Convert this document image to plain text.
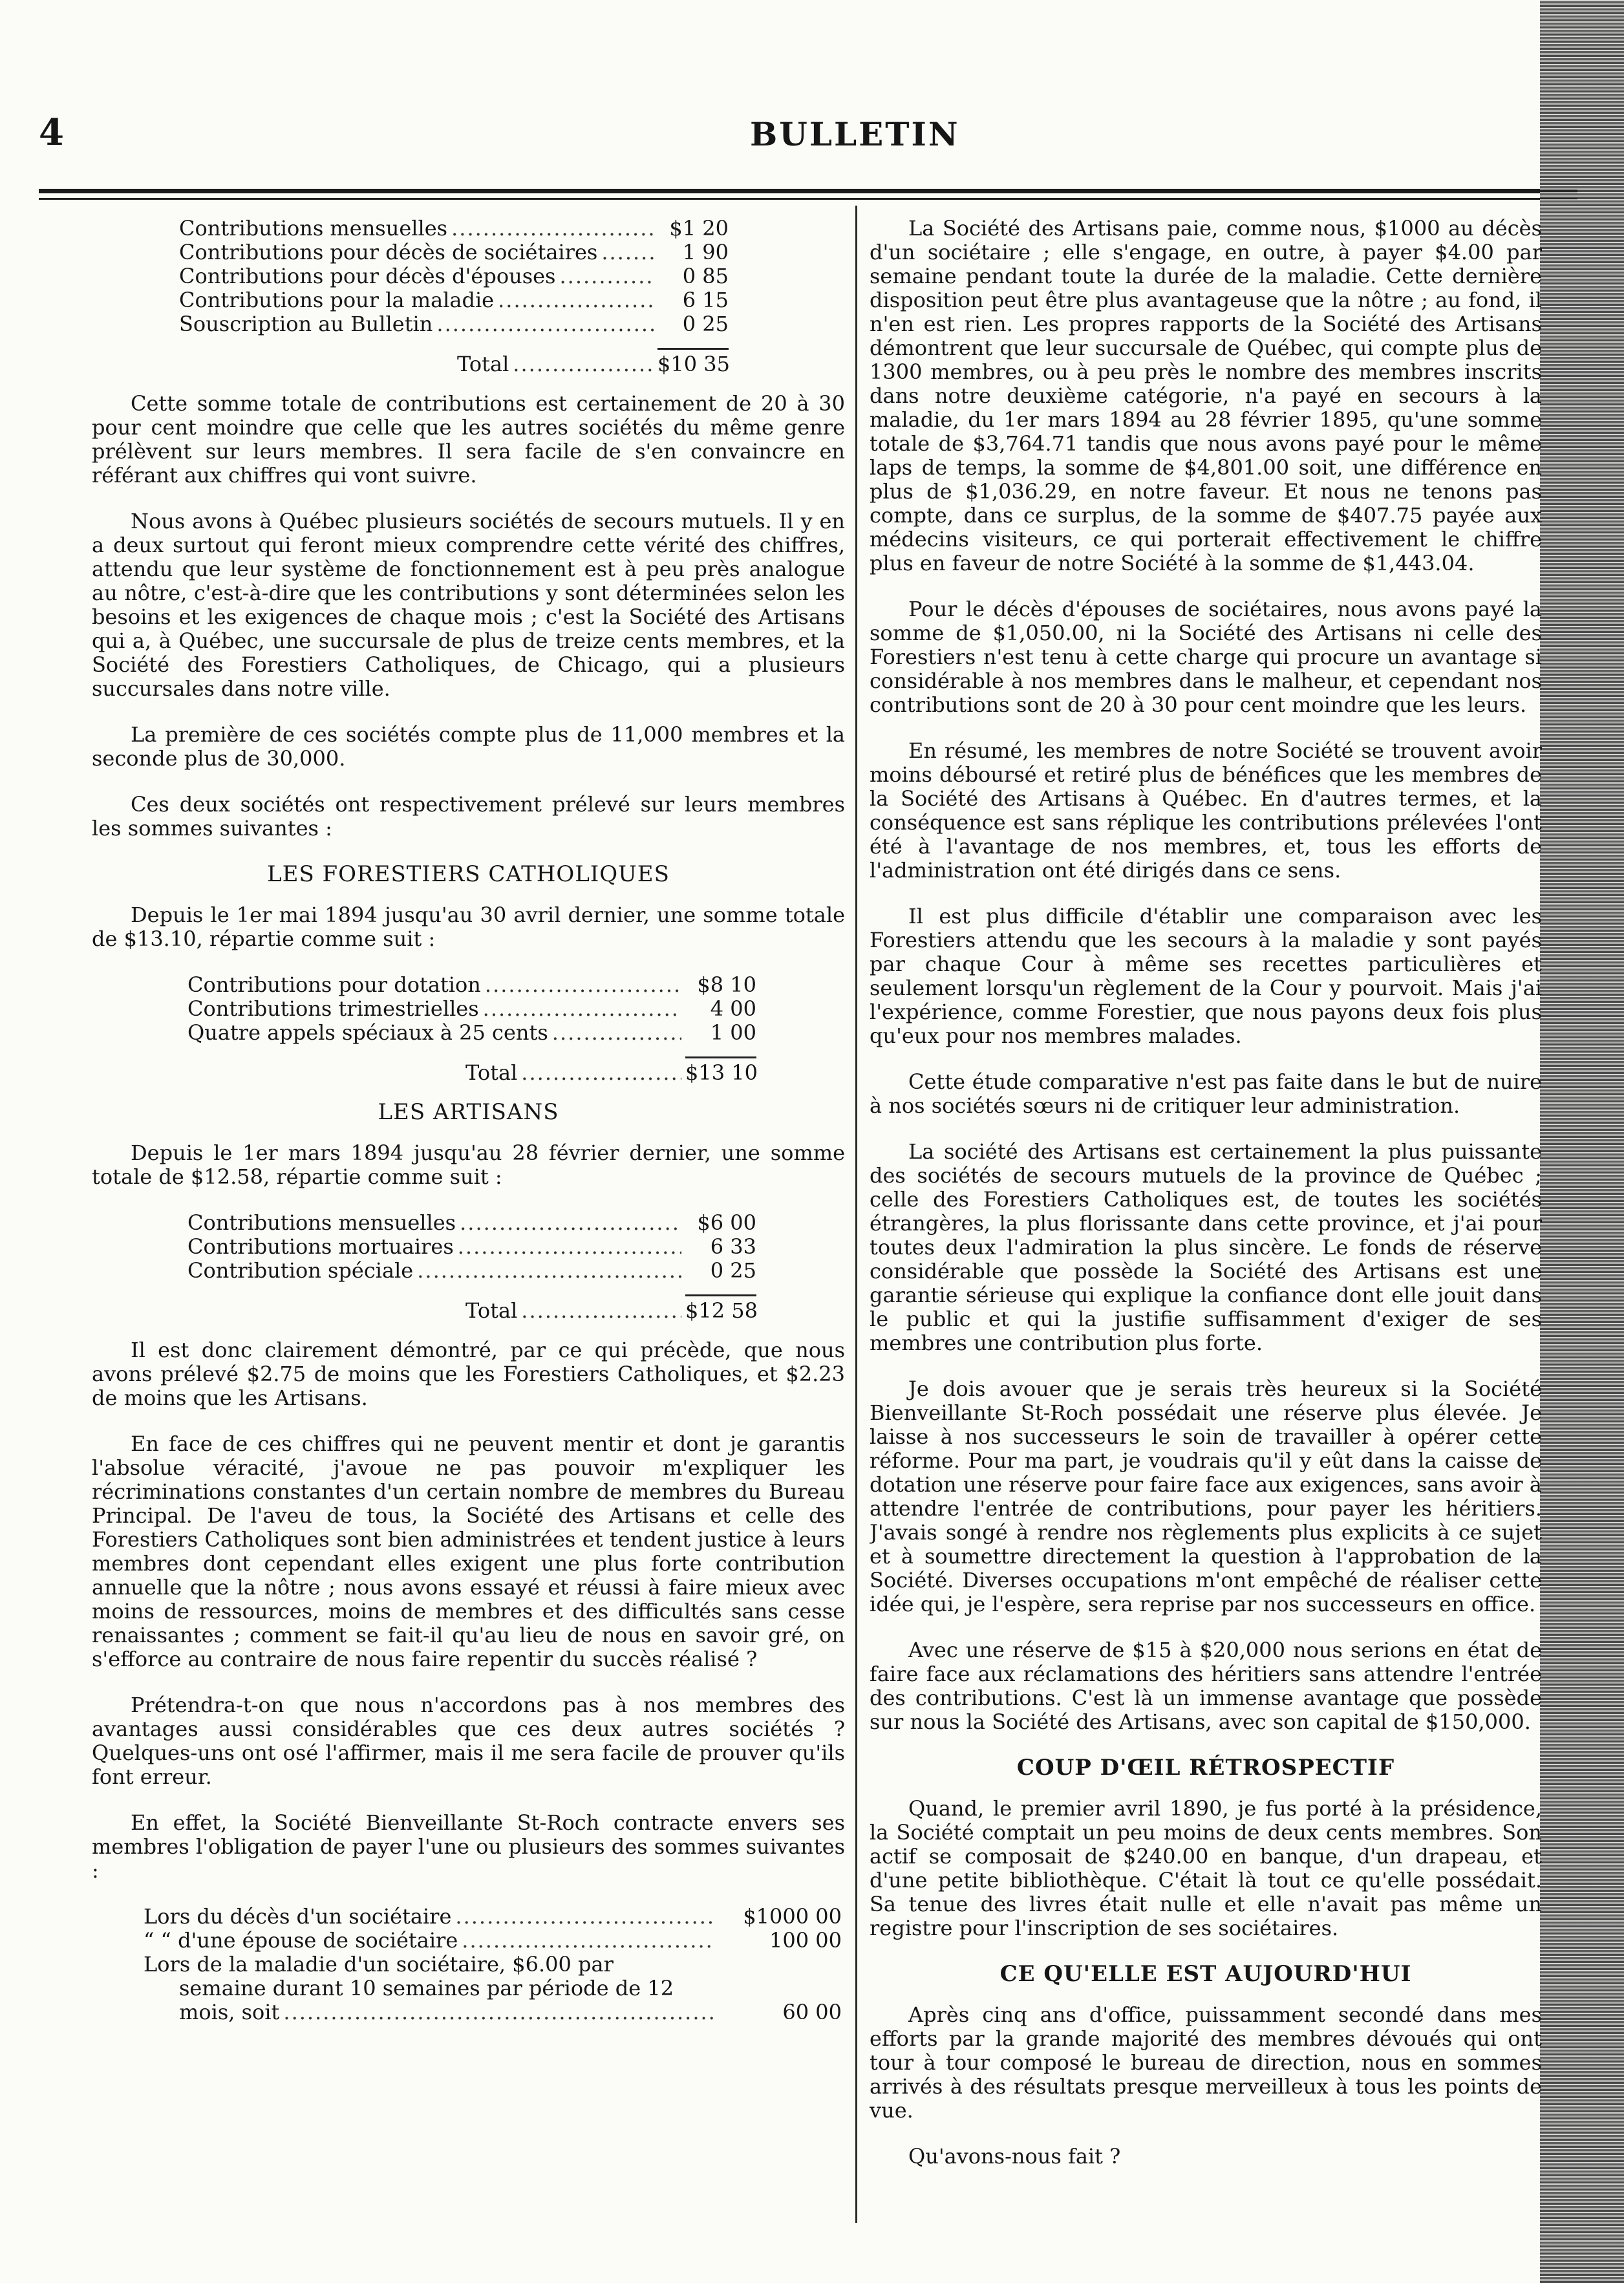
4	BULLETIN
Contributions mensuelles .....	$1 20
Contributions pour décès de sociétaires .....	1 90
Contributions pour décès d'épouses .....	0 85
Contributions pour la maladie .....	6 15
Souscription au Bulletin .....	0 25
Total .....	$10 35

Cette somme totale de contributions est certainement de 20 à 30 pour cent moindre que celle que les autres sociétés du même genre prélèvent sur leurs membres. Il sera facile de s'en convaincre en référant aux chiffres qui vont suivre.

Nous avons à Québec plusieurs sociétés de secours mutuels. Il y en a deux surtout qui feront mieux comprendre cette vérité des chiffres, attendu que leur système de fonctionnement est à peu près analogue au nôtre, c'est-à-dire que les contributions y sont déterminées selon les besoins et les exigences de chaque mois ; c'est la Société des Artisans qui a, à Québec, une succursale de plus de treize cents membres, et la Société des Forestiers Catholiques, de Chicago, qui a plusieurs succursales dans notre ville.

La première de ces sociétés compte plus de 11,000 membres et la seconde plus de 30,000.

Ces deux sociétés ont respectivement prélevé sur leurs membres les sommes suivantes :

LES FORESTIERS CATHOLIQUES

Depuis le 1er mai 1894 jusqu'au 30 avril dernier, une somme totale de $13.10, répartie comme suit :

Contributions pour dotation .....	$8 10
Contributions trimestrielles .....	4 00
Quatre appels spéciaux à 25 cents .....	1 00
Total .....	$13 10
LES ARTISANS

Depuis le 1er mars 1894 jusqu'au 28 février dernier, une somme totale de $12.58, répartie comme suit :

Contributions mensuelles .....	$6 00
Contributions mortuaires .....	6 33
Contribution spéciale .....	0 25
Total .....	$12 58

Il est donc clairement démontré, par ce qui précède, que nous avons prélevé $2.75 de moins que les Forestiers Catholiques, et $2.23 de moins que les Artisans.

En face de ces chiffres qui ne peuvent mentir et dont je garantis l'absolue véracité, j'avoue ne pas pouvoir m'expliquer les récriminations constantes d'un certain nombre de membres du Bureau Principal. De l'aveu de tous, la Société des Artisans et celle des Forestiers Catholiques sont bien administrées et tendent justice à leurs membres dont cependant elles exigent une plus forte contribution annuelle que la nôtre ; nous avons essayé et réussi à faire mieux avec moins de ressources, moins de membres et des difficultés sans cesse renaissantes ; comment se fait-il qu'au lieu de nous en savoir gré, on s'efforce au contraire de nous faire repentir du succès réalisé ?

Prétendra-t-on que nous n'accordons pas à nos membres des avantages aussi considérables que ces deux autres sociétés ? Quelques-uns ont osé l'affirmer, mais il me sera facile de prouver qu'ils font erreur.

En effet, la Société Bienveillante St-Roch contracte envers ses membres l'obligation de payer l'une ou plusieurs des sommes suivantes :

Lors du décès d'un sociétaire .....	$1000 00
“ “ d'une épouse de sociétaire .....	100 00
Lors de la maladie d'un sociétaire, $6.00 par
semaine durant 10 semaines par période de 12
mois, soit .....	60 00

La Société des Artisans paie, comme nous, $1000 au décès d'un sociétaire ; elle s'engage, en outre, à payer $4.00 par semaine pendant toute la durée de la maladie. Cette dernière disposition peut être plus avantageuse que la nôtre ; au fond, il n'en est rien. Les propres rapports de la Société des Artisans démontrent que leur succursale de Québec, qui compte plus de 1300 membres, ou à peu près le nombre des membres inscrits dans notre deuxième catégorie, n'a payé en secours à la maladie, du 1er mars 1894 au 28 février 1895, qu'une somme totale de $3,764.71 tandis que nous avons payé pour le même laps de temps, la somme de $4,801.00 soit, une différence en plus de $1,036.29, en notre faveur. Et nous ne tenons pas compte, dans ce surplus, de la somme de $407.75 payée aux médecins visiteurs, ce qui porterait effectivement le chiffre plus en faveur de notre Société à la somme de $1,443.04.

Pour le décès d'épouses de sociétaires, nous avons payé la somme de $1,050.00, ni la Société des Artisans ni celle des Forestiers n'est tenu à cette charge qui procure un avantage si considérable à nos membres dans le malheur, et cependant nos contributions sont de 20 à 30 pour cent moindre que les leurs.

En résumé, les membres de notre Société se trouvent avoir moins déboursé et retiré plus de bénéfices que les membres de la Société des Artisans à Québec. En d'autres termes, et la conséquence est sans réplique les contributions prélevées l'ont été à l'avantage de nos membres, et, tous les efforts de l'administration ont été dirigés dans ce sens.

Il est plus difficile d'établir une comparaison avec les Forestiers attendu que les secours à la maladie y sont payés par chaque Cour à même ses recettes particulières et seulement lorsqu'un règlement de la Cour y pourvoit. Mais j'ai l'expérience, comme Forestier, que nous payons deux fois plus qu'eux pour nos membres malades.

Cette étude comparative n'est pas faite dans le but de nuire à nos sociétés sœurs ni de critiquer leur administration.

La société des Artisans est certainement la plus puissante des sociétés de secours mutuels de la province de Québec ; celle des Forestiers Catholiques est, de toutes les sociétés étrangères, la plus florissante dans cette province, et j'ai pour toutes deux l'admiration la plus sincère. Le fonds de réserve considérable que possède la Société des Artisans est une garantie sérieuse qui explique la confiance dont elle jouit dans le public et qui la justifie suffisamment d'exiger de ses membres une contribution plus forte.

Je dois avouer que je serais très heureux si la Société Bienveillante St-Roch possédait une réserve plus élevée. Je laisse à nos successeurs le soin de travailler à opérer cette réforme. Pour ma part, je voudrais qu'il y eût dans la caisse de dotation une réserve pour faire face aux exigences, sans avoir à attendre l'entrée de contributions, pour payer les héritiers. J'avais songé à rendre nos règlements plus explicits à ce sujet et à soumettre directement la question à l'approbation de la Société. Diverses occupations m'ont empêché de réaliser cette idée qui, je l'espère, sera reprise par nos successeurs en office.

Avec une réserve de $15 à $20,000 nous serions en état de faire face aux réclamations des héritiers sans attendre l'entrée des contributions. C'est là un immense avantage que possède sur nous la Société des Artisans, avec son capital de $150,000.

COUP D'ŒIL RÉTROSPECTIF

Quand, le premier avril 1890, je fus porté à la présidence, la Société comptait un peu moins de deux cents membres. Son actif se composait de $240.00 en banque, d'un drapeau, et d'une petite bibliothèque. C'était là tout ce qu'elle possédait. Sa tenue des livres était nulle et elle n'avait pas même un registre pour l'inscription de ses sociétaires.

CE QU'ELLE EST AUJOURD'HUI

Après cinq ans d'office, puissamment secondé dans mes efforts par la grande majorité des membres dévoués qui ont tour à tour composé le bureau de direction, nous en sommes arrivés à des résultats presque merveilleux à tous les points de vue.

Qu'avons-nous fait ?
